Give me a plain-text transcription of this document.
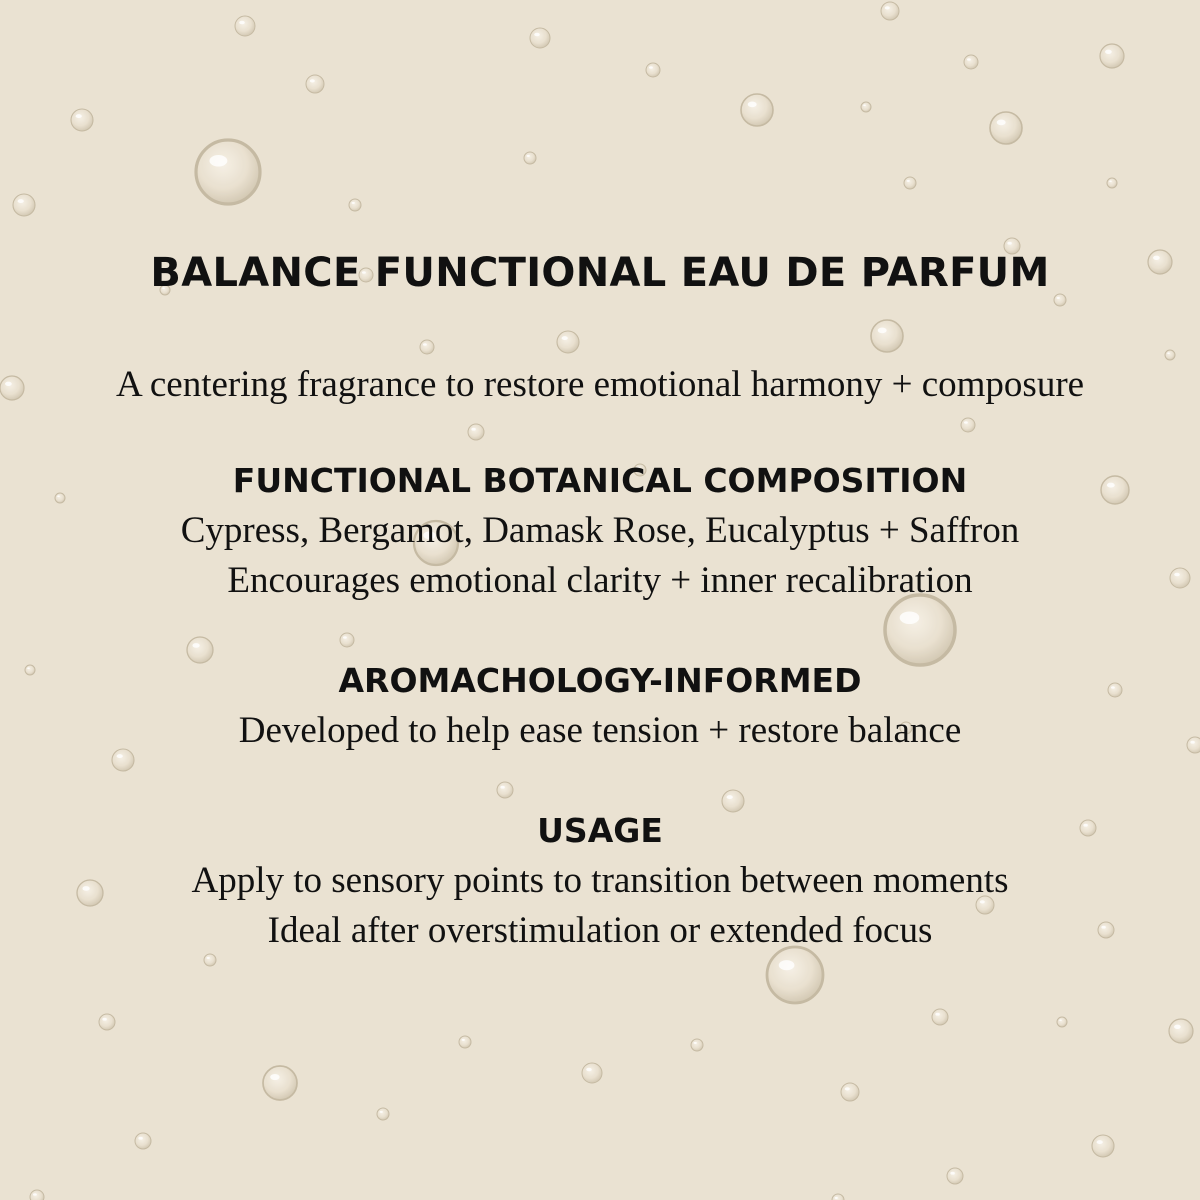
BALANCE FUNCTIONAL EAU DE PARFUM

A centering fragrance to restore emotional harmony + composure

FUNCTIONAL BOTANICAL COMPOSITION

Cypress, Bergamot, Damask Rose, Eucalyptus + Saffron

Encourages emotional clarity + inner recalibration

AROMACHOLOGY-INFORMED

Developed to help ease tension + restore balance

USAGE

Apply to sensory points to transition between moments

Ideal after overstimulation or extended focus
